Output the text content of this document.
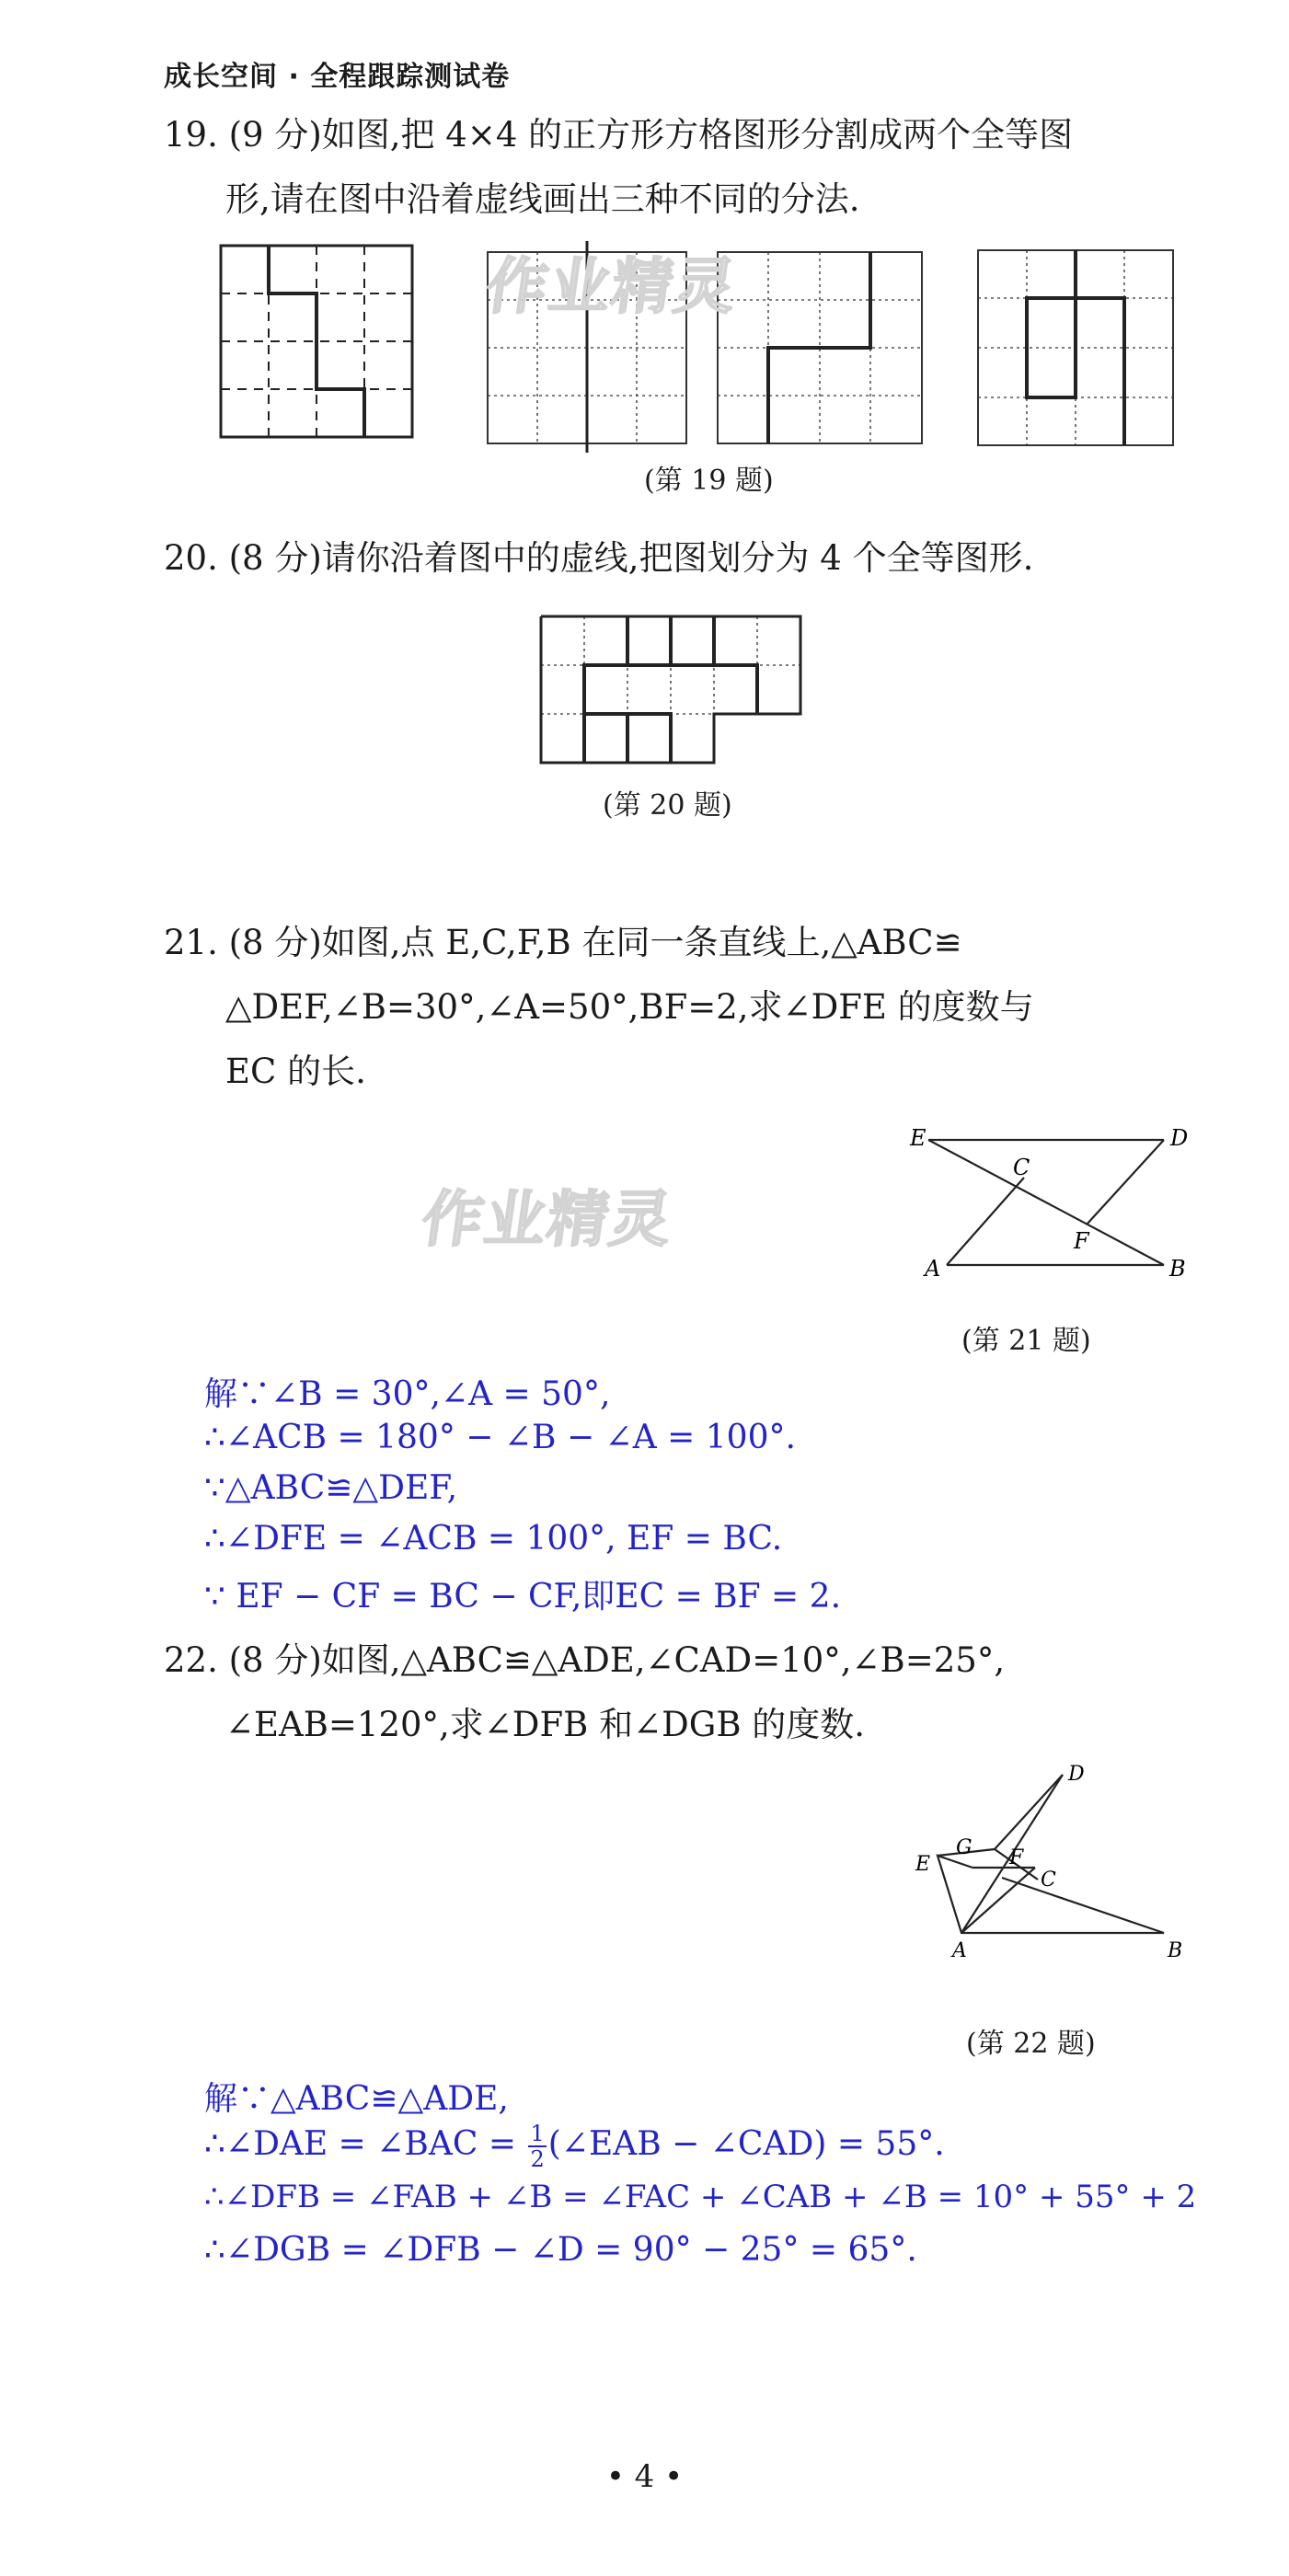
成长空间 · 全程跟踪测试卷
19. (9 分)如图,把 4×4 的正方形方格图形分割成两个全等图
形,请在图中沿着虚线画出三种不同的分法.
作业精灵
(第 19 题)
20. (8 分)请你沿着图中的虚线,把图划分为 4 个全等图形.
(第 20 题)
21. (8 分)如图,点 E,C,F,B 在同一条直线上,△ABC≌
△DEF,∠B=30°,∠A=50°,BF=2,求∠DFE 的度数与
EC 的长.
E	D
C
F
A	B
作业精灵
(第 21 题)
解∵∠B = 30°,∠A = 50°,
∴∠ACB = 180° − ∠B − ∠A = 100°.
∵△ABC≌△DEF,
∴∠DFE = ∠ACB = 100°, EF = BC.
∵ EF − CF = BC − CF,即EC = BF = 2.
22. (8 分)如图,△ABC≌△ADE,∠CAD=10°,∠B=25°,
∠EAB=120°,求∠DFB 和∠DGB 的度数.
D
G F
C
E
A	B
(第 22 题)
解∵△ABC≌△ADE,
∴∠DAE = ∠BAC = $\frac{1}{2}$ (∠EAB − ∠CAD) = 55°.
∴∠DFB = ∠FAB + ∠B = ∠FAC + ∠CAB + ∠B = 10° + 55° + 2
∴∠DGB = ∠DFB − ∠D = 90° − 25° = 65°.
• 4 •
